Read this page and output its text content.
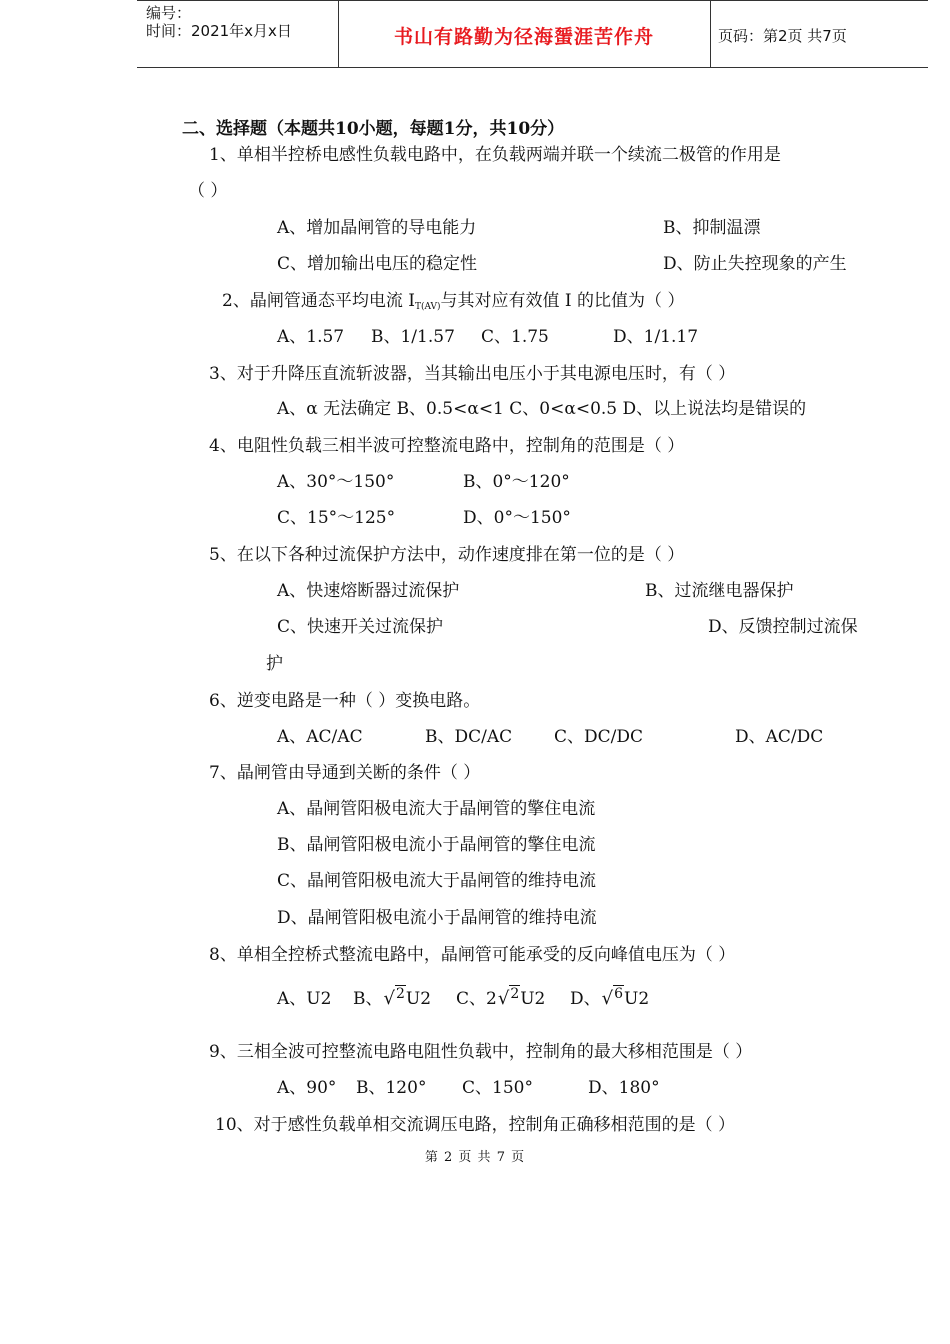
编号：
时间：2021年x月x日	书山有路勤为径海蜑涯苦作舟	页码：第2页 共7页
二、选择题（本题共10小题，每题1分，共10分）
1、单相半控桥电感性负载电路中，在负载两端并联一个续流二极管的作用是
（ ）
A、增加晶闸管的导电能力	B、抑制温漂
C、增加输出电压的稳定性	D、防止失控现象的产生
2、晶闸管通态平均电流 $I_{T(AV)}$与其对应有效值 I 的比值为（ ）
A、1.57 B、1/1.57 C、1.75	D、1/1.17
3、对于升降压直流斩波器，当其输出电压小于其电源电压时，有（ ）
A、α 无法确定 B、0.5<α<1 C、0<α<0.5 D、以上说法均是错误的
4、电阻性负载三相半波可控整流电路中，控制角的范围是（ ）
A、30°～150°	B、0°～120°
C、15°～125°	D、0°～150°
5、在以下各种过流保护方法中，动作速度排在第一位的是（ ）
A、快速熔断器过流保护	B、过流继电器保护
C、快速开关过流保护	D、反馈控制过流保
护
6、逆变电路是一种（ ）变换电路。
A、AC/AC	B、DC/AC C、DC/DC	D、AC/DC
7、晶闸管由导通到关断的条件（ ）
A、晶闸管阳极电流大于晶闸管的擎住电流
B、晶闸管阳极电流小于晶闸管的擎住电流
C、晶闸管阳极电流大于晶闸管的维持电流
D、晶闸管阳极电流小于晶闸管的维持电流
8、单相全控桥式整流电路中，晶闸管可能承受的反向峰值电压为（ ）
A、U2 B、√$^2$U2 C、2√$^2$U2 D、√$^6$U2
9、三相全波可控整流电路电阻性负载中，控制角的最大移相范围是（ ）
A、90° B、120° C、150°	D、180°
10、对于感性负载单相交流调压电路，控制角正确移相范围的是（ ）
第 2 页 共 7 页
